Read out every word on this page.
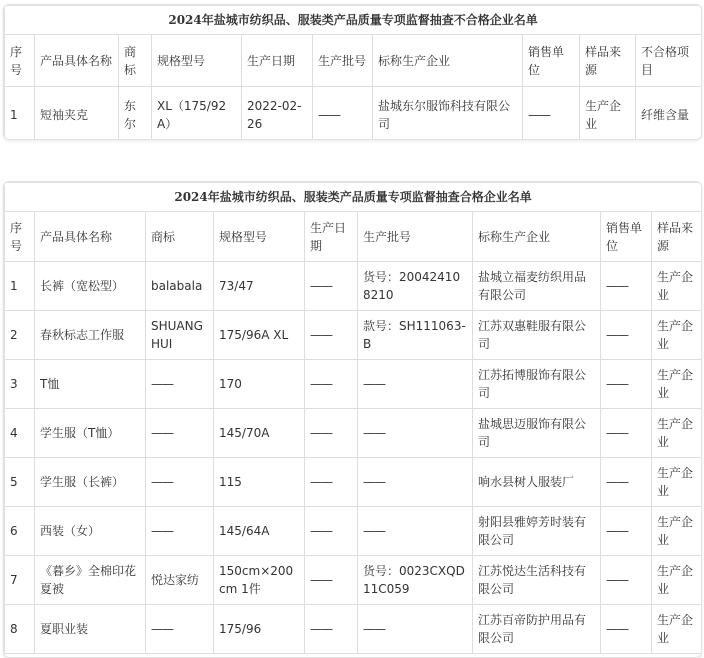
2024年盐城市纺织品、服装类产品质量专项监督抽查不合格企业名单									
序号	产品具体名称	商标	规格型号	生产日期	生产批号	标称生产企业	销售单位	样品来源	不合格项目
1	短袖夹克	东尔	XL（175/92A）	2022-02-26	——	盐城东尔服饰科技有限公司	——	生产企业	纤维含量
2024年盐城市纺织品、服装类产品质量专项监督抽查合格企业名单								
序号	产品具体名称	商标	规格型号	生产日期	生产批号	标称生产企业	销售单位	样品来源
1	长裤（宽松型）	balabala	73/47	——	货号：200424108210	盐城立福麦纺织用品有限公司	——	生产企业
2	春秋标志工作服	SHUANG HUI	175/96A XL	——	款号：SH111063-B	江苏双惠鞋服有限公司	——	生产企业
3	T恤	——	170	——	——	江苏拓博服饰有限公司	——	生产企业
4	学生服（T恤）	——	145/70A	——	——	盐城思迈服饰有限公司	——	生产企业
5	学生服（长裤）	——	115	——	——	响水县树人服装厂	——	生产企业
6	西装（女）	——	145/64A	——	——	射阳县雅婷芳时装有限公司	——	生产企业
7	《暮乡》全棉印花夏被	悦达家纺	150cm×200cm 1件	——	货号：0023CXQD11C059	江苏悦达生活科技有限公司	——	生产企业
8	夏职业装	——	175/96	——	——	江苏百帝防护用品有限公司	——	生产企业
